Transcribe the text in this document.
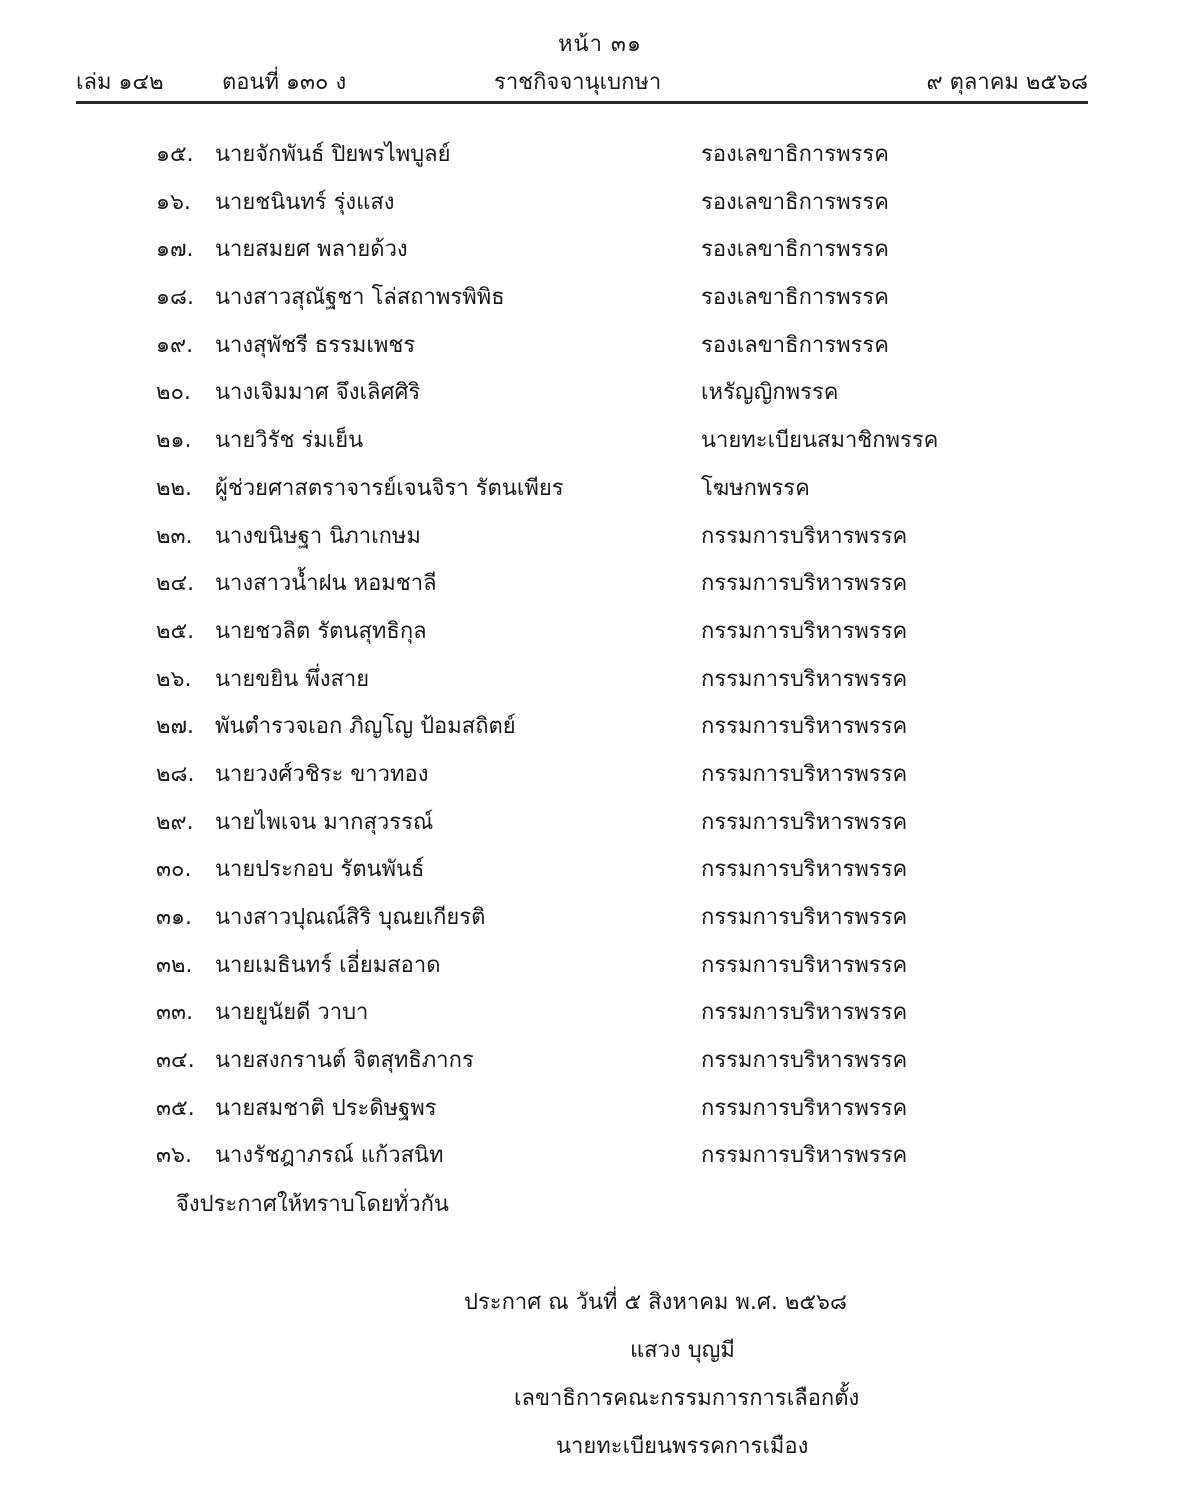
หน้า ๓๑
เล่ม ๑๔๒	ตอนที่ ๑๓๐ ง	ราชกิจจานุเบกษา	๙ ตุลาคม ๒๕๖๘
๑๕. นายจักพันธ์ ปิยพรไพบูลย์	รองเลขาธิการพรรค
๑๖. นายชนินทร์ รุ่งแสง	รองเลขาธิการพรรค
๑๗. นายสมยศ พลายด้วง	รองเลขาธิการพรรค
๑๘. นางสาวสุณัฐชา โล่สถาพรพิพิธ	รองเลขาธิการพรรค
๑๙. นางสุพัชรี ธรรมเพชร	รองเลขาธิการพรรค
๒๐. นางเจิมมาศ จึงเลิศศิริ	เหรัญญิกพรรค
๒๑. นายวิรัช ร่มเย็น	นายทะเบียนสมาชิกพรรค
๒๒. ผู้ช่วยศาสตราจารย์เจนจิรา รัตนเพียร	โฆษกพรรค
๒๓. นางขนิษฐา นิภาเกษม	กรรมการบริหารพรรค
๒๔. นางสาวน้ำฝน หอมชาลี	กรรมการบริหารพรรค
๒๕. นายชวลิต รัตนสุทธิกุล	กรรมการบริหารพรรค
๒๖. นายขยิน พึ่งสาย	กรรมการบริหารพรรค
๒๗. พันตำรวจเอก ภิญโญ ป้อมสถิตย์	กรรมการบริหารพรรค
๒๘. นายวงศ์วชิระ ขาวทอง	กรรมการบริหารพรรค
๒๙. นายไพเจน มากสุวรรณ์	กรรมการบริหารพรรค
๓๐. นายประกอบ รัตนพันธ์	กรรมการบริหารพรรค
๓๑. นางสาวปุณณ์สิริ บุณยเกียรติ	กรรมการบริหารพรรค
๓๒. นายเมธินทร์ เอี่ยมสอาด	กรรมการบริหารพรรค
๓๓. นายยูนัยดี วาบา	กรรมการบริหารพรรค
๓๔. นายสงกรานต์ จิตสุทธิภากร	กรรมการบริหารพรรค
๓๕. นายสมชาติ ประดิษฐพร	กรรมการบริหารพรรค
๓๖. นางรัชฎาภรณ์ แก้วสนิท	กรรมการบริหารพรรค
จึงประกาศให้ทราบโดยทั่วกัน
ประกาศ ณ วันที่ ๕ สิงหาคม พ.ศ. ๒๕๖๘
แสวง บุญมี
เลขาธิการคณะกรรมการการเลือกตั้ง
นายทะเบียนพรรคการเมือง
